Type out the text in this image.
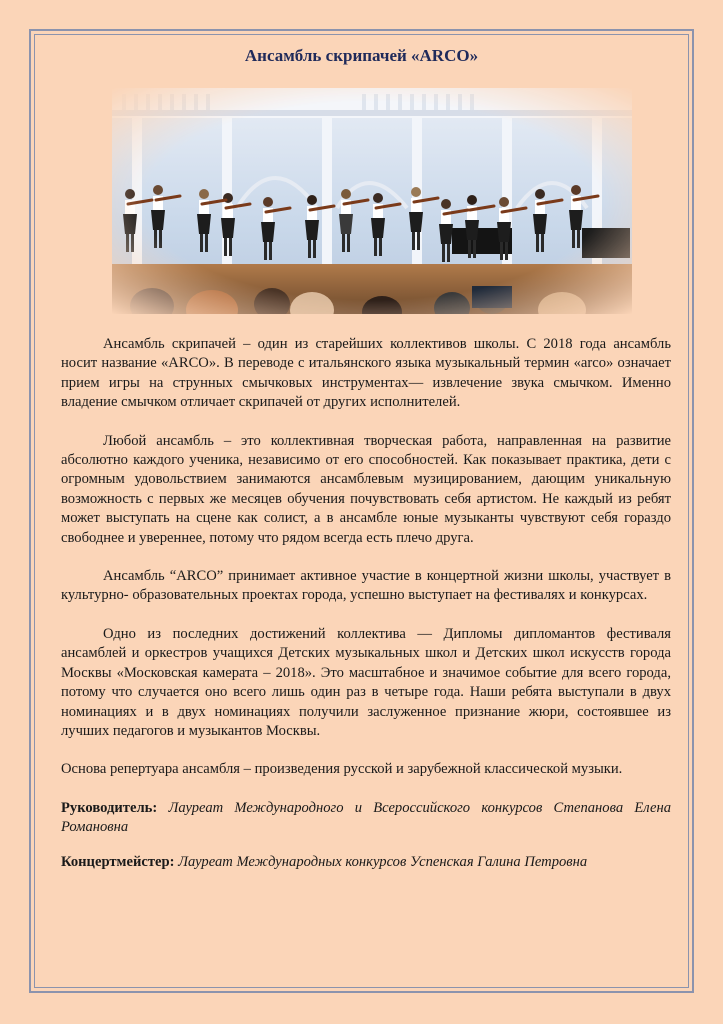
Ансамбль скрипачей «ARCO»

Ансамбль скрипачей – один из старейших коллективов школы. С 2018 года ансамбль носит название «ARCO». В переводе с итальянского языка музыкальный термин «arco» означает прием игры на струнных смычковых инструментах— извлечение звука смычком. Именно владение смычком отличает скрипачей от других исполнителей.

Любой ансамбль – это коллективная творческая работа, направленная на развитие абсолютно каждого ученика, независимо от его способностей. Как показывает практика, дети с огромным удовольствием занимаются ансамблевым музицированием, дающим уникальную возможность с первых же месяцев обучения почувствовать себя артистом. Не каждый из ребят может выступать на сцене как солист, а в ансамбле юные музыканты чувствуют себя гораздо свободнее и увереннее, потому что рядом всегда есть плечо друга.

Ансамбль “ARCO” принимает активное участие в концертной жизни школы, участвует в культурно- образовательных проектах города, успешно выступает на фестивалях и конкурсах.

Одно из последних достижений коллектива — Дипломы дипломантов фестиваля ансамблей и оркестров учащихся Детских музыкальных школ и Детских школ искусств города Москвы «Московская камерата – 2018». Это масштабное и значимое событие для всего города, потому что случается оно всего лишь один раз в четыре года. Наши ребята выступали в двух номинациях и в двух номинациях получили заслуженное признание жюри, состоявшее из лучших педагогов и музыкантов Москвы.

Основа репертуара ансамбля – произведения русской и зарубежной классической музыки.

Руководитель: Лауреат Международного и Всероссийского конкурсов Степанова Елена Романовна

Концертмейстер: Лауреат Международных конкурсов Успенская Галина Петровна
